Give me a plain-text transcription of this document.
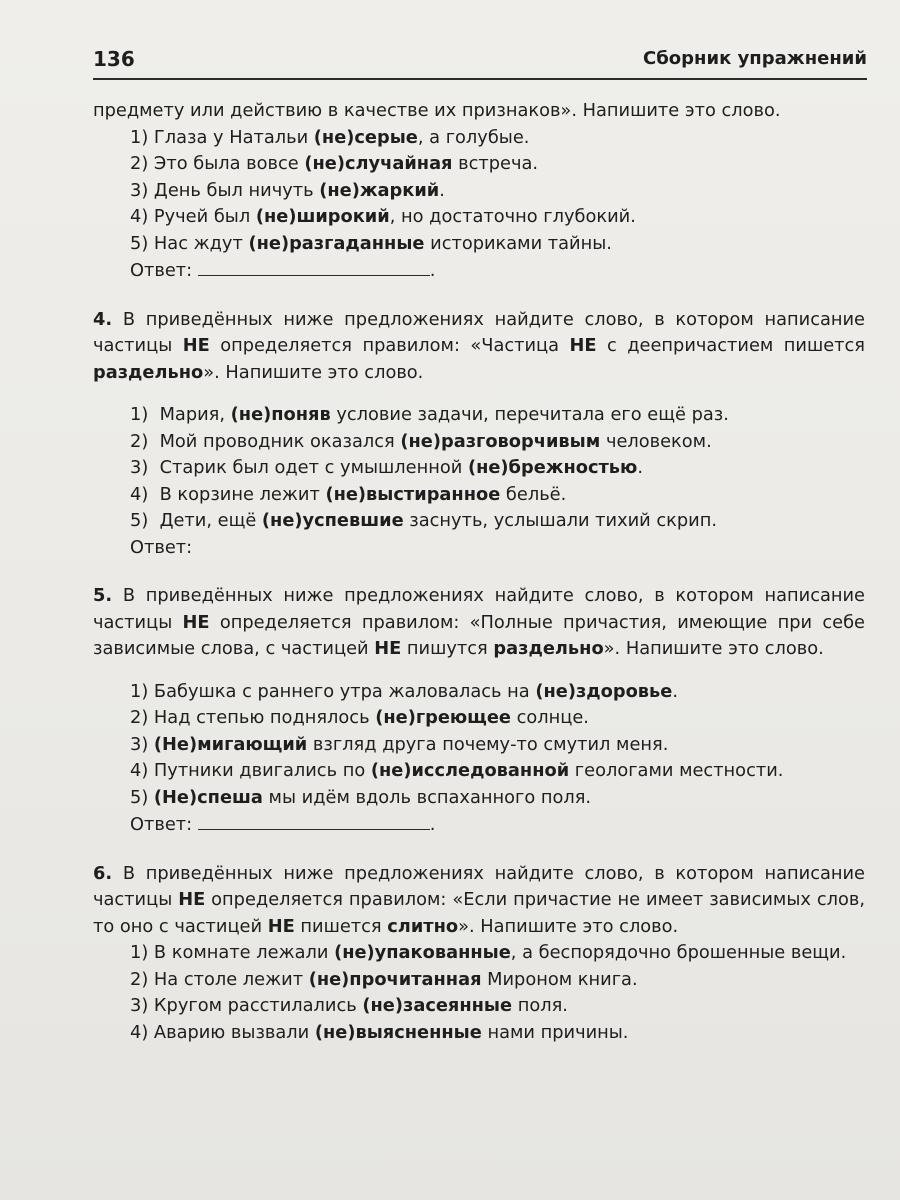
136	Сборник упражнений

предмету или действию в качестве их признаков». Напишите это слово.

1) Глаза у Натальи (не)серые, а голубые.
2) Это была вовсе (не)случайная встреча.
3) День был ничуть (не)жаркий.
4) Ручей был (не)широкий, но достаточно глубокий.
5) Нас ждут (не)разгаданные историками тайны.

Ответ:	.

4. В приведённых ниже предложениях найдите слово, в котором написание частицы НЕ определяется правилом: «Частица НЕ с деепричастием пишется раздельно». Напишите это слово.

1) Мария, (не)поняв условие задачи, перечитала его ещё раз.
2) Мой проводник оказался (не)разговорчивым человеком.
3) Старик был одет с умышленной (не)брежностью.
4) В корзине лежит (не)выстиранное бельё.
5) Дети, ещё (не)успевшие заснуть, услышали тихий скрип.

Ответ:

5. В приведённых ниже предложениях найдите слово, в котором написание частицы НЕ определяется правилом: «Полные причастия, имеющие при себе зависимые слова, с частицей НЕ пишутся раздельно». Напишите это слово.

1) Бабушка с раннего утра жаловалась на (не)здоровье.
2) Над степью поднялось (не)греющее солнце.
3) (Не)мигающий взгляд друга почему-то смутил меня.
4) Путники двигались по (не)исследованной геологами местности.
5) (Не)спеша мы идём вдоль вспаханного поля.

Ответ:	.

6. В приведённых ниже предложениях найдите слово, в котором написание частицы НЕ определяется правилом: «Если причастие не имеет зависимых слов, то оно с частицей НЕ пишется слитно». Напишите это слово.

1) В комнате лежали (не)упакованные, а беспорядочно брошенные вещи.
2) На столе лежит (не)прочитанная Мироном книга.
3) Кругом расстилались (не)засеянные поля.
4) Аварию вызвали (не)выясненные нами причины.
